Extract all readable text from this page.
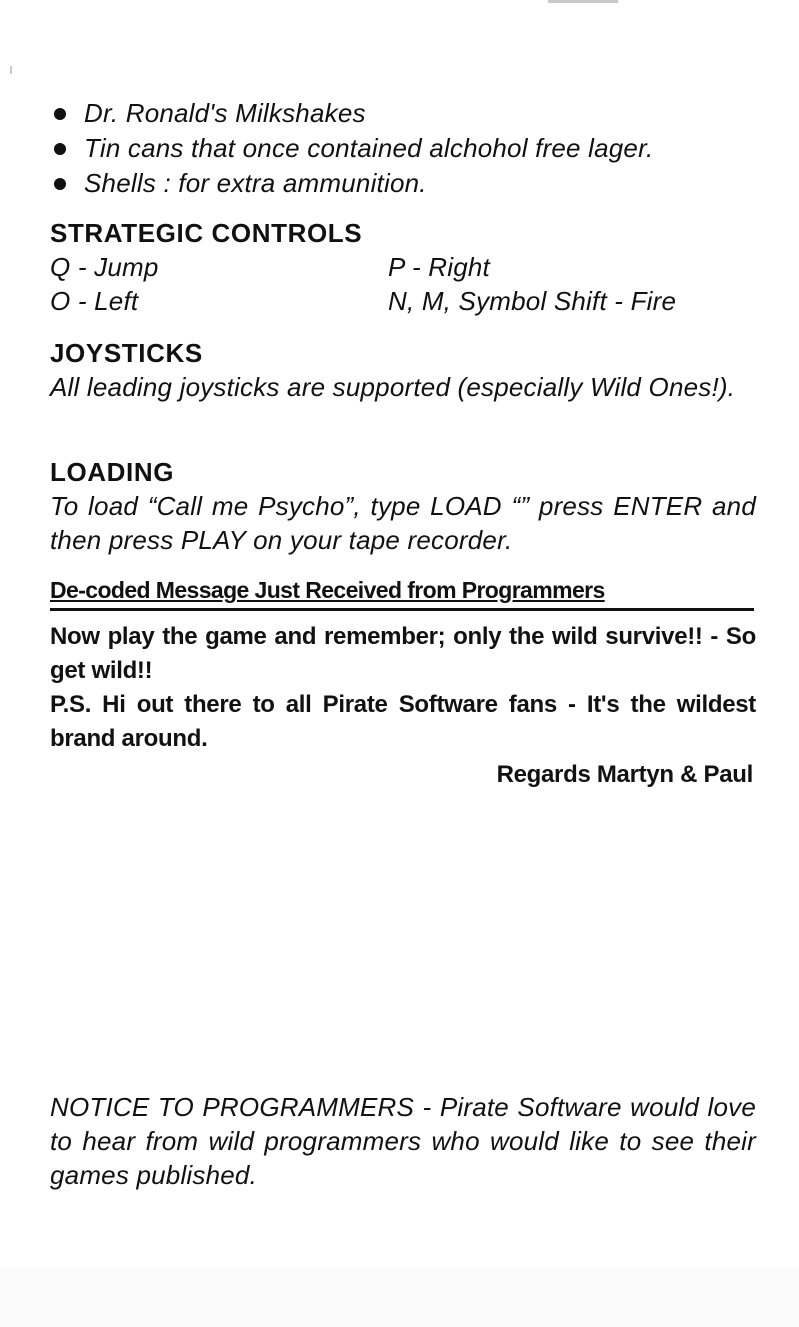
Dr. Ronald's Milkshakes
Tin cans that once contained alchohol free lager.
Shells : for extra ammunition.
STRATEGIC CONTROLS
Q - Jump	P - Right
O - Left	N, M, Symbol Shift - Fire
JOYSTICKS
All leading joysticks are supported (especially Wild Ones!).
LOADING
To load “Call me Psycho”, type LOAD “” press ENTER and then press PLAY on your tape recorder.
De-coded Message Just Received from Programmers
Now play the game and remember; only the wild survive!! - So get wild!!
P.S. Hi out there to all Pirate Software fans - It's the wildest brand around.
Regards Martyn & Paul
NOTICE TO PROGRAMMERS - Pirate Software would love to hear from wild programmers who would like to see their games published.
